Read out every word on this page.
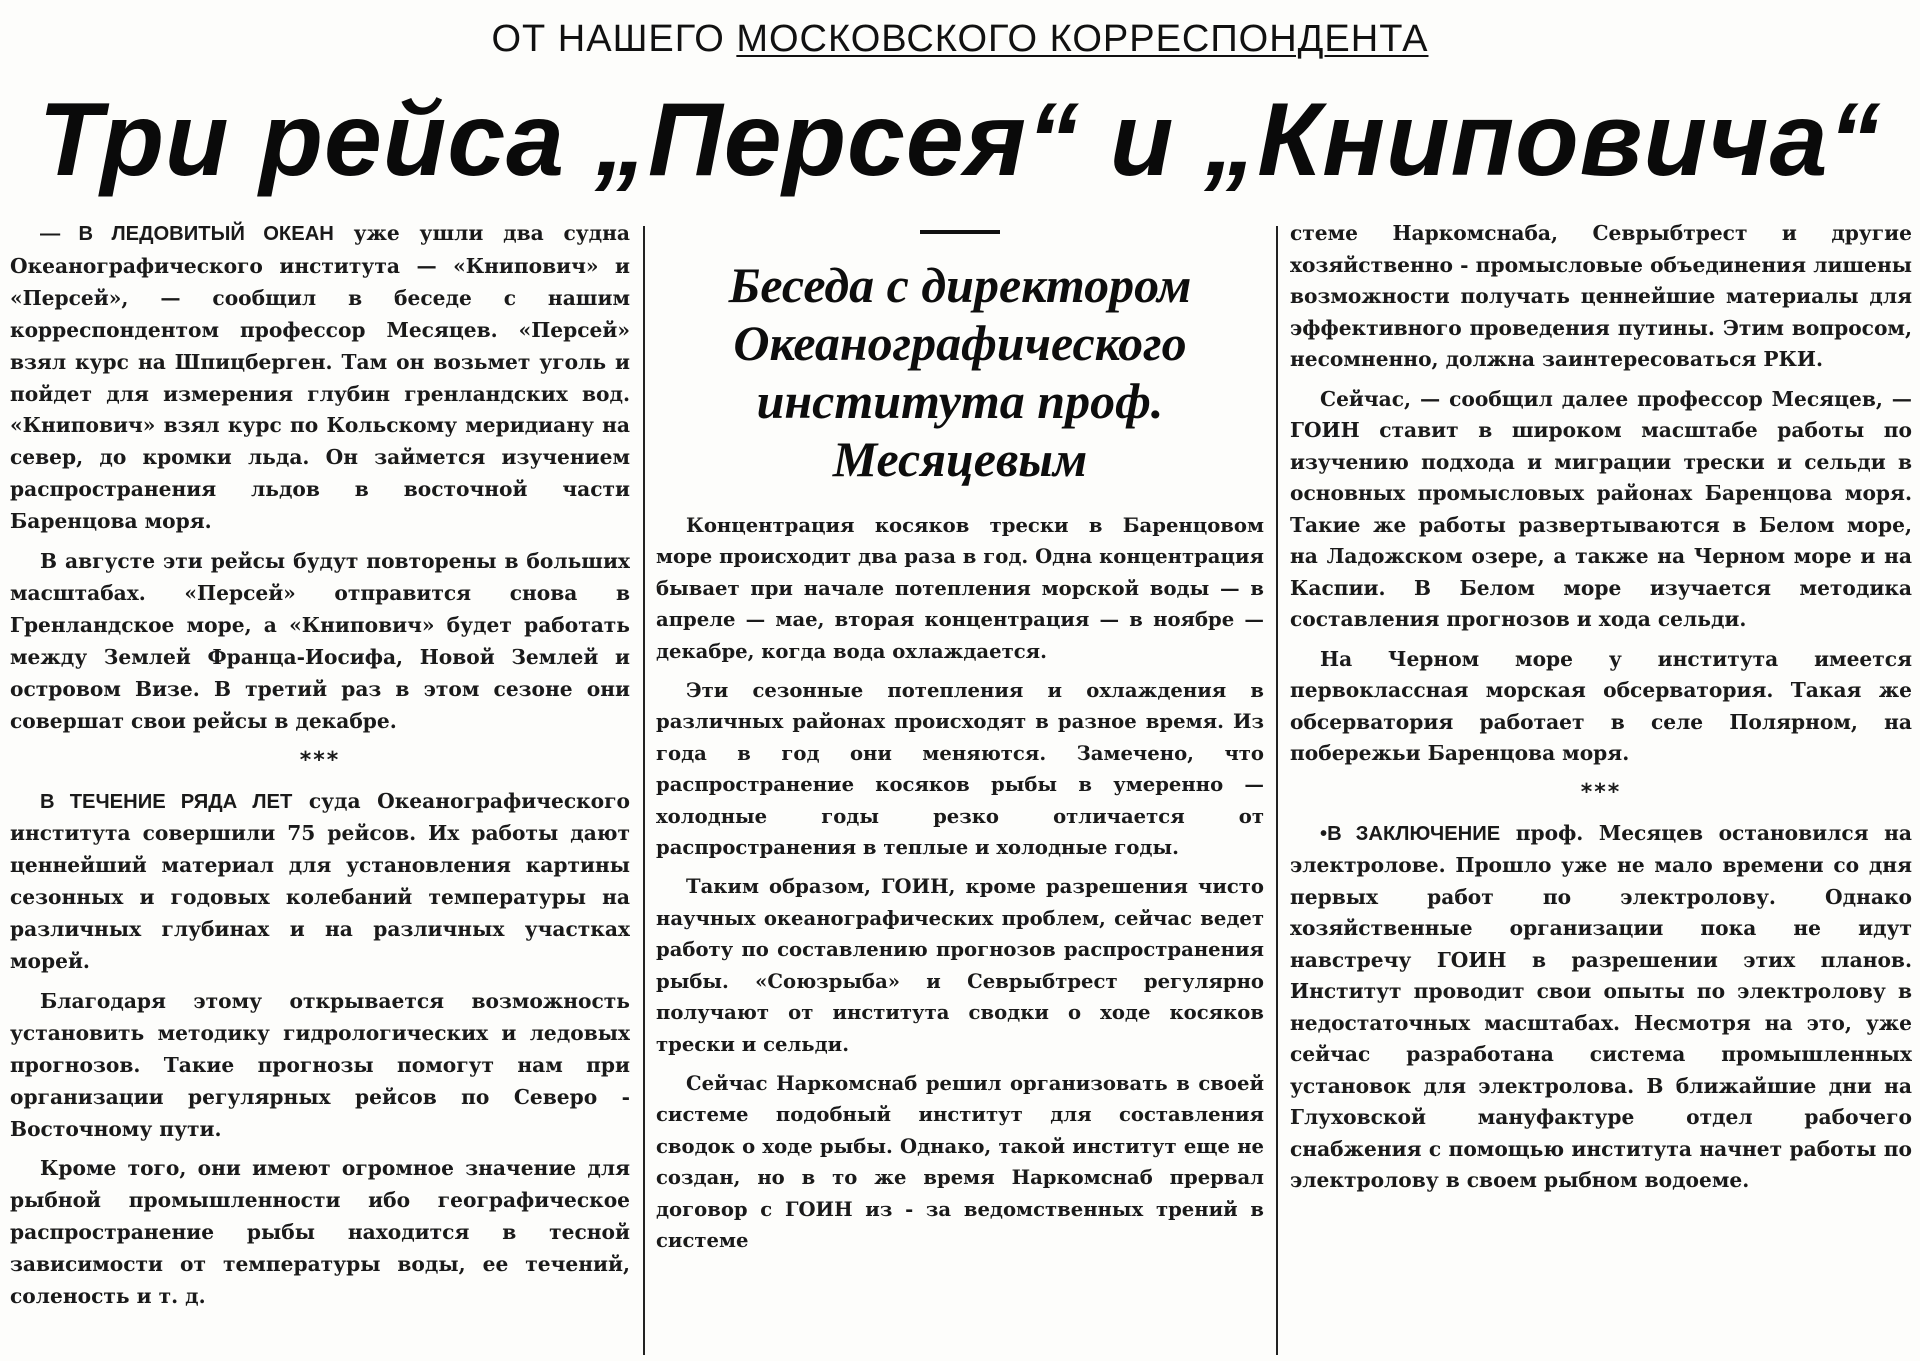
ОТ НАШЕГО МОСКОВСКОГО КОРРЕСПОНДЕНТА
Три рейса „Персея“ и „Книповича“

— В ЛЕДОВИТЫЙ ОКЕАН уже ушли два судна Океанографического института — «Книпович» и «Персей», — сообщил в беседе с нашим корреспондентом профессор Месяцев. «Персей» взял курс на Шпицберген. Там он возьмет уголь и пойдет для измерения глубин гренландских вод. «Книпович» взял курс по Кольскому меридиану на север, до кромки льда. Он займется изучением распространения льдов в восточной части Баренцова моря.

В августе эти рейсы будут повторены в больших масштабах. «Персей» отправится снова в Гренландское море, а «Книпович» будет работать между Землей Франца-Иосифа, Новой Землей и островом Визе. В третий раз в этом сезоне они совершат свои рейсы в декабре.

***

В ТЕЧЕНИЕ РЯДА ЛЕТ суда Океанографического института совершили 75 рейсов. Их работы дают ценнейший материал для установления картины сезонных и годовых колебаний температуры на различных глубинах и на различных участках морей.

Благодаря этому открывается возможность установить методику гидрологических и ледовых прогнозов. Такие прогнозы помогут нам при организации регулярных рейсов по Северо - Восточному пути.

Кроме того, они имеют огромное значение для рыбной промышленности ибо географическое распространение рыбы находится в тесной зависимости от температуры воды, ее течений, соленость и т. д.

Беседа с директором Океанографического института проф. Месяцевым

Концентрация косяков трески в Баренцовом море происходит два раза в год. Одна концентрация бывает при начале потепления морской воды — в апреле — мае, вторая концентрация — в ноябре — декабре, когда вода охлаждается.

Эти сезонные потепления и охлаждения в различных районах происходят в разное время. Из года в год они меняются. Замечено, что распространение косяков рыбы в умеренно — холодные годы резко отличается от распространения в теплые и холодные годы.

Таким образом, ГОИН, кроме разрешения чисто научных океанографических проблем, сейчас ведет работу по составлению прогнозов распространения рыбы. «Союзрыба» и Севрыбтрест регулярно получают от института сводки о ходе косяков трески и сельди.

Сейчас Наркомснаб решил организовать в своей системе подобный институт для составления сводок о ходе рыбы. Однако, такой институт еще не создан, но в то же время Наркомснаб прервал договор с ГОИН из - за ведомственных трений в системе

стеме Наркомснаба, Севрыбтрест и другие хозяйственно - промысловые объединения лишены возможности получать ценнейшие материалы для эффективного проведения путины. Этим вопросом, несомненно, должна заинтересоваться РКИ.

Сейчас, — сообщил далее профессор Месяцев, — ГОИН ставит в широком масштабе работы по изучению подхода и миграции трески и сельди в основных промысловых районах Баренцова моря. Такие же работы развертываются в Белом море, на Ладожском озере, а также на Черном море и на Каспии. В Белом море изучается методика составления прогнозов и хода сельди.

На Черном море у института имеется первоклассная морская обсерватория. Такая же обсерватория работает в селе Полярном, на побережьи Баренцова моря.

***

•В ЗАКЛЮЧЕНИЕ проф. Месяцев остановился на электролове. Прошло уже не мало времени со дня первых работ по электролову. Однако хозяйственные организации пока не идут навстречу ГОИН в разрешении этих планов. Институт проводит свои опыты по электролову в недостаточных масштабах. Несмотря на это, уже сейчас разработана система промышленных установок для электролова. В ближайшие дни на Глуховской мануфактуре отдел рабочего снабжения с помощью института начнет работы по электролову в своем рыбном водоеме.
